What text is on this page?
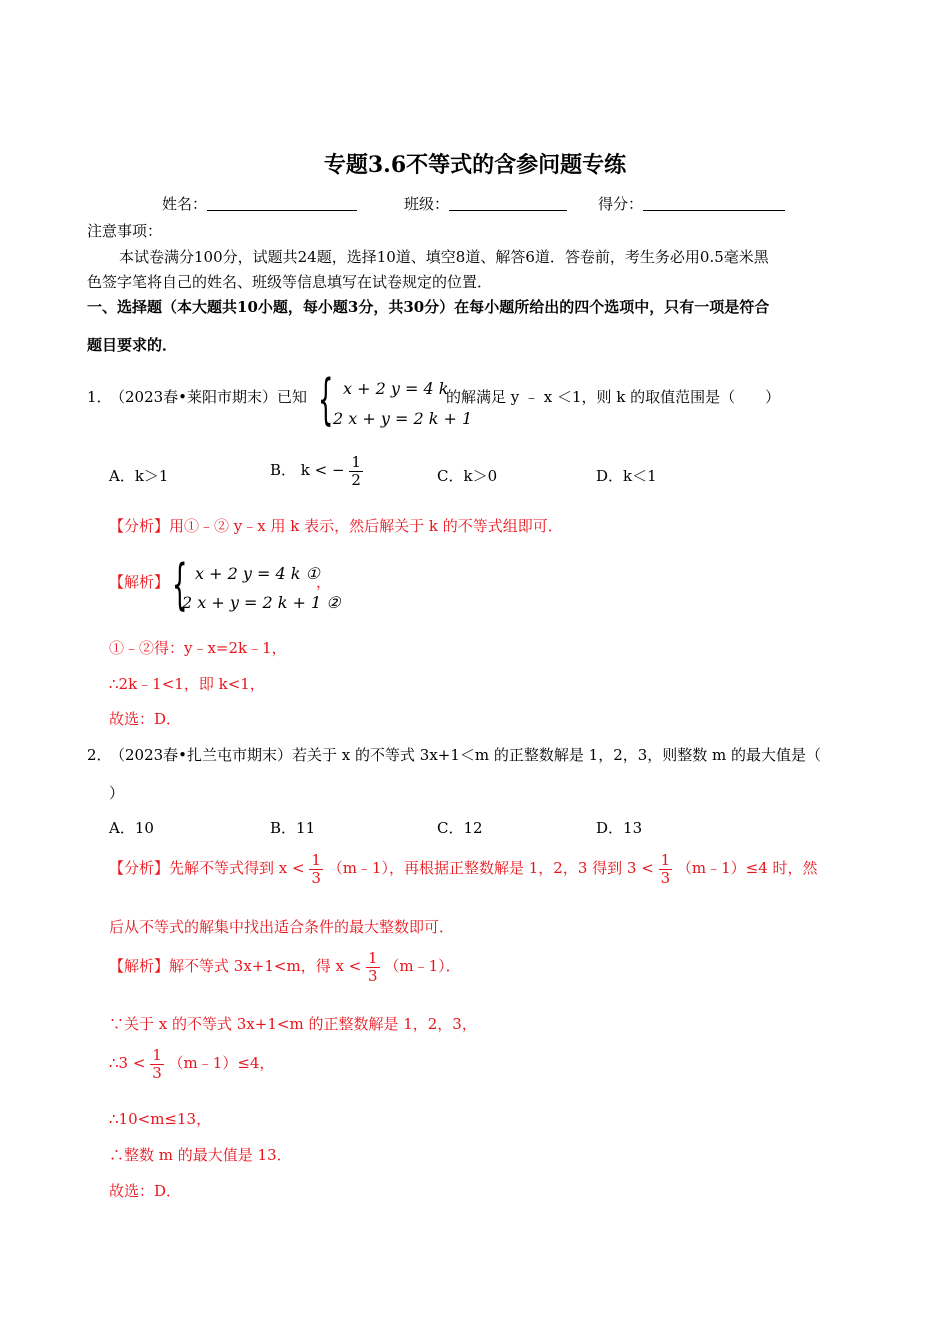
专题3.6不等式的含参问题专练
姓名：	班级：	得分：
注意事项：
本试卷满分100分，试题共24题，选择10道、填空8道、解答6道．答卷前，考生务必用0.5毫米黑
色签字笔将自己的姓名、班级等信息填写在试卷规定的位置．
一、选择题（本大题共10小题，每小题3分，共30分）在每小题所给出的四个选项中，只有一项是符合
题目要求的．
1．
（2023春•莱阳市期末）已知 { x + 2 y = 4 k
2 x + y = 2 k + 1
的解满足 y ﹣ x ＜1，则 k 的取值范围是（　　）
A．k＞1	B． k < − $\frac{1}{2}$	C．k＞0	D．k＜1
【分析】用①﹣② y﹣x 用 k 表示，然后解关于 k 的不等式组即可．
【解析】 { x + 2 y = 4 k ①
2 x + y = 2 k + 1 ②
，
①﹣②得：y﹣x=2k﹣1，
∴2k﹣1<1，即 k<1，
故选：D．
2．
（2023春•扎兰屯市期末）若关于 x 的不等式 3x+1＜m 的正整数解是 1，2，3，则整数 m 的最大值是（
）
A．10	B．11	C．12	D．13
【分析】先解不等式得到 $x < \frac{1}{3}$ （m﹣1），再根据正整数解是 1，2，3 得到 $3 < \frac{1}{3}$ （m﹣1）≤4 时，然
后从不等式的解集中找出适合条件的最大整数即可．
【解析】解不等式 3x+1<m，得 $x < \frac{1}{3}$ （m﹣1）．
∵关于 x 的不等式 3x+1<m 的正整数解是 1，2，3，
∴3 < $\frac{1}{3}$ （m﹣1）≤4，
∴10<m≤13，
∴整数 m 的最大值是 13．
故选：D．
